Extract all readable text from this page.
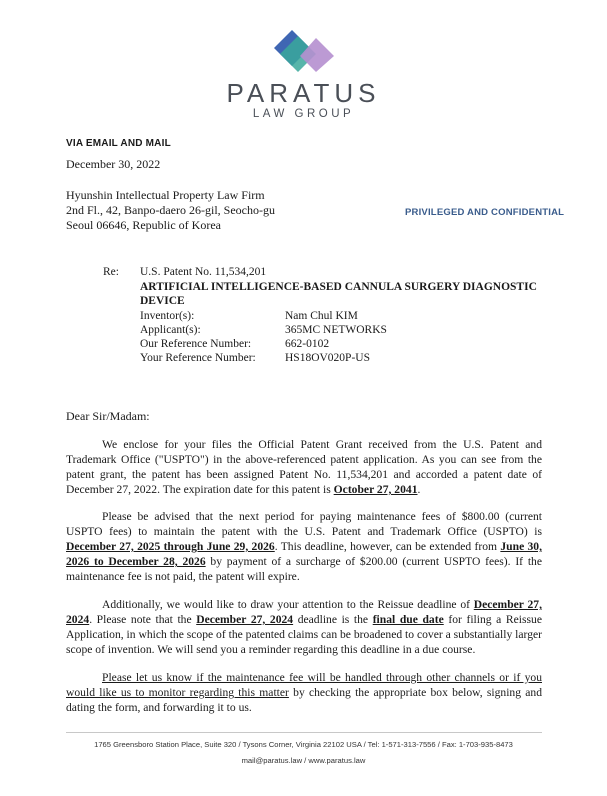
PARATUS
LAW GROUP
VIA EMAIL AND MAIL
December 30, 2022
Hyunshin Intellectual Property Law Firm
2nd Fl., 42, Banpo-daero 26-gil, Seocho-gu
Seoul 06646, Republic of Korea
PRIVILEGED AND CONFIDENTIAL
Re: U.S. Patent No. 11,534,201
ARTIFICIAL INTELLIGENCE-BASED CANNULA SURGERY DIAGNOSTIC
DEVICE
Inventor(s):	Nam Chul KIM
Applicant(s):	365MC NETWORKS
Our Reference Number:	662-0102
Your Reference Number:	HS18OV020P-US
Dear Sir/Madam:

We enclose for your files the Official Patent Grant received from the U.S. Patent and Trademark Office ("USPTO") in the above-referenced patent application. As you can see from the patent grant, the patent has been assigned Patent No. 11,534,201 and accorded a patent date of December 27, 2022. The expiration date for this patent is October 27, 2041.

Please be advised that the next period for paying maintenance fees of $800.00 (current USPTO fees) to maintain the patent with the U.S. Patent and Trademark Office (USPTO) is December 27, 2025 through June 29, 2026. This deadline, however, can be extended from June 30, 2026 to December 28, 2026 by payment of a surcharge of $200.00 (current USPTO fees). If the maintenance fee is not paid, the patent will expire.

Additionally, we would like to draw your attention to the Reissue deadline of December 27, 2024. Please note that the December 27, 2024 deadline is the final due date for filing a Reissue Application, in which the scope of the patented claims can be broadened to cover a substantially larger scope of invention. We will send you a reminder regarding this deadline in a due course.

Please let us know if the maintenance fee will be handled through other channels or if you would like us to monitor regarding this matter by checking the appropriate box below, signing and dating the form, and forwarding it to us.

1765 Greensboro Station Place, Suite 320 / Tysons Corner, Virginia 22102 USA / Tel: 1-571-313-7556 / Fax: 1-703-935-8473
mail@paratus.law / www.paratus.law
